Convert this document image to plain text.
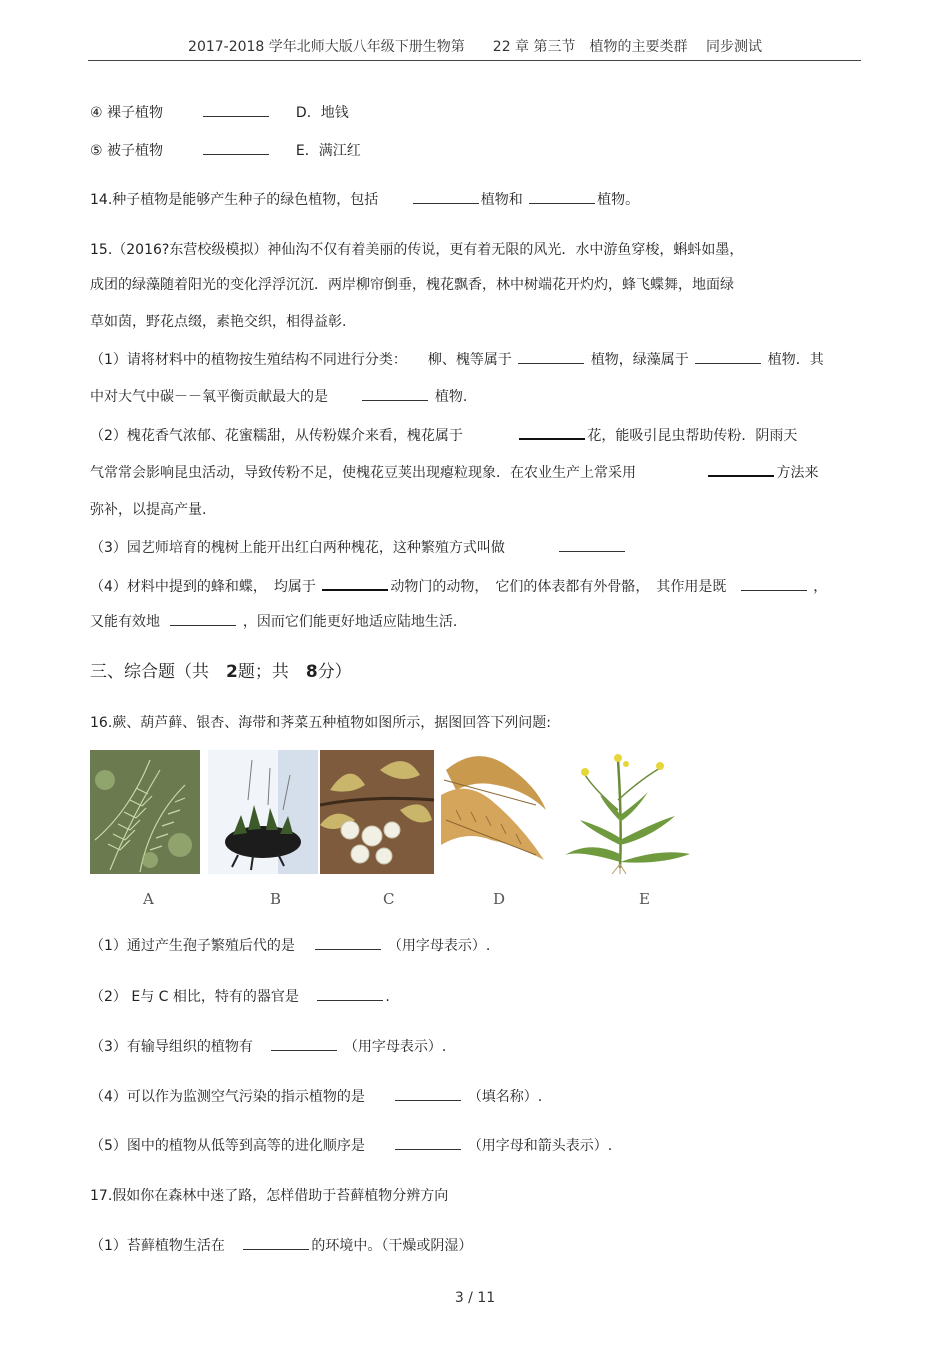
2017-2018 学年北师大版八年级下册生物第　　22 章 第三节　植物的主要类群　 同步测试
④ 裸子植物	D．地钱
⑤ 被子植物	E．满江红
14.种子植物是能够产生种子的绿色植物，包括	植物和	植物。
15.（2016?东营校级模拟）神仙沟不仅有着美丽的传说，更有着无限的风光．水中游鱼穿梭，蝌蚪如墨，
成团的绿藻随着阳光的变化浮浮沉沉．两岸柳帘倒垂，槐花飘香，林中树端花开灼灼，蜂飞蝶舞，地面绿
草如茵，野花点缀，素艳交织，相得益彰.
（1）请将材料中的植物按生殖结构不同进行分类：　　柳、槐等属于	植物，绿藻属于	植物．其
中对大气中碳－－氧平衡贡献最大的是	植物.
（2）槐花香气浓郁、花蜜糯甜，从传粉媒介来看，槐花属于	花，能吸引昆虫帮助传粉．阴雨天
气常常会影响昆虫活动，导致传粉不足，使槐花豆荚出现瘪粒现象．在农业生产上常采用	方法来
弥补，以提高产量.
（3）园艺师培育的槐树上能开出红白两种槐花，这种繁殖方式叫做
（4）材料中提到的蜂和蝶，　均属于	动物门的动物，　它们的体表都有外骨骼，　其作用是既	，
又能有效地	，因而它们能更好地适应陆地生活.
三、综合题（共　2题；共　8分）
16.蕨、葫芦藓、银杏、海带和荠菜五种植物如图所示，据图回答下列问题:
A	B	C	D	E
（1）通过产生孢子繁殖后代的是	（用字母表示）.
（2） E与 C 相比，特有的器官是	.
（3）有输导组织的植物有	（用字母表示）.
（4）可以作为监测空气污染的指示植物的是	（填名称）.
（5）图中的植物从低等到高等的进化顺序是	（用字母和箭头表示）.
17.假如你在森林中迷了路，怎样借助于苔藓植物分辨方向
（1）苔藓植物生活在	的环境中。（干燥或阴湿）
3 / 11
